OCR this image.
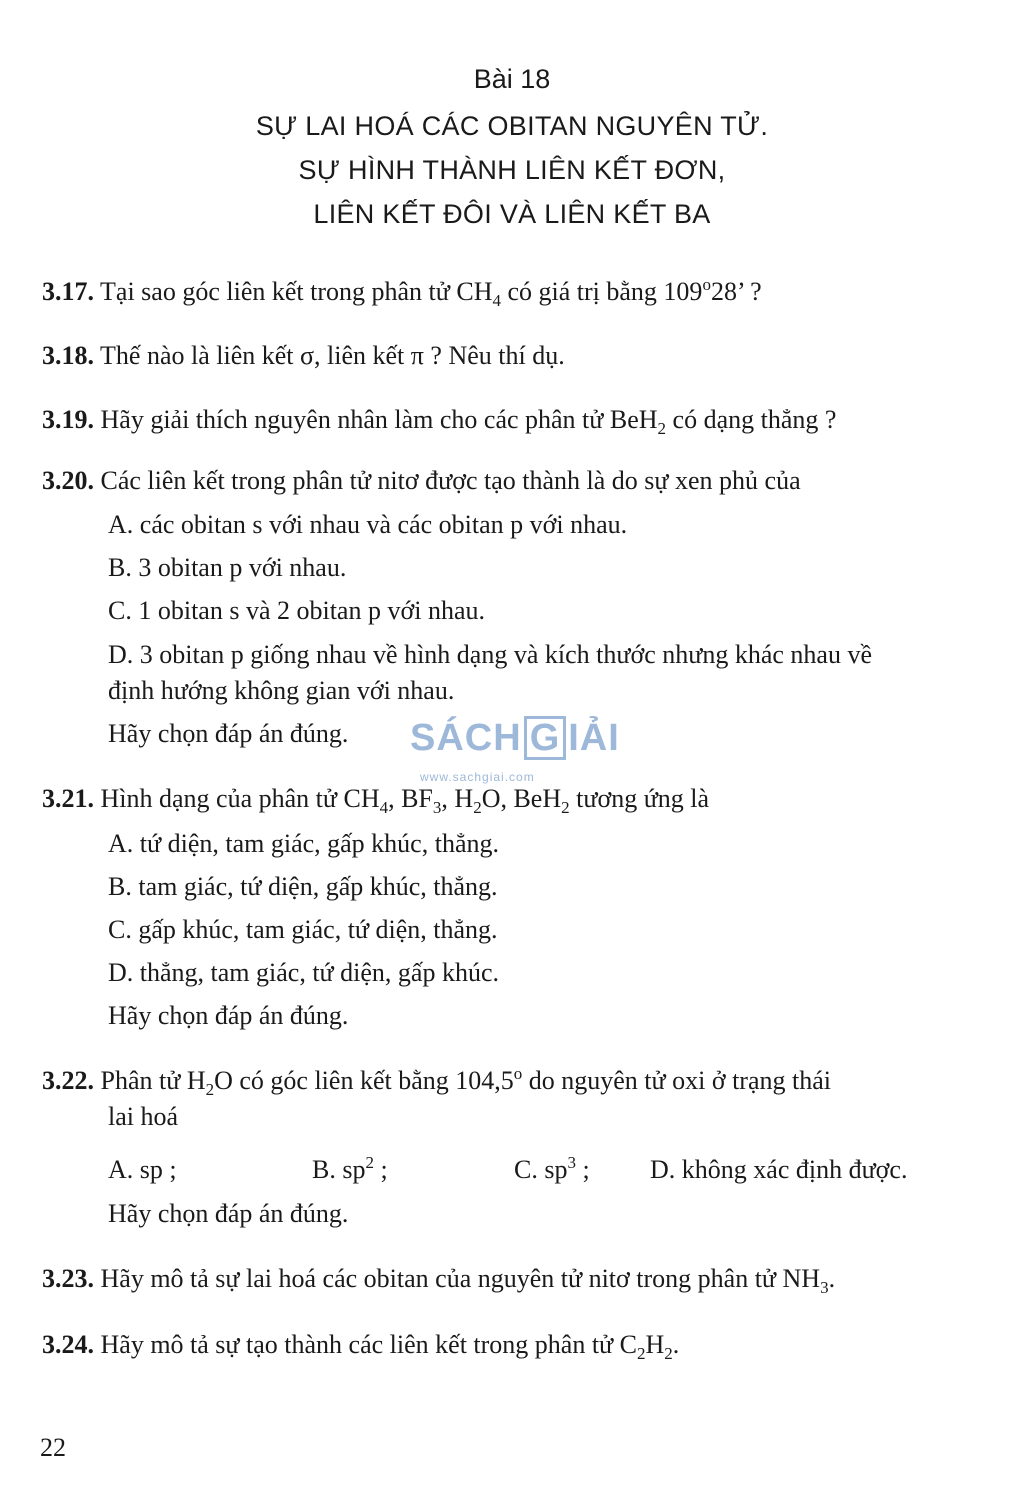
Bài 18
SỰ LAI HOÁ CÁC OBITAN NGUYÊN TỬ.
SỰ HÌNH THÀNH LIÊN KẾT ĐƠN,
LIÊN KẾT ĐÔI VÀ LIÊN KẾT BA
3.17. Tại sao góc liên kết trong phân tử $CH_4$ có giá trị bằng 109$^o$28’ ?
3.18. Thế nào là liên kết σ, liên kết π ? Nêu thí dụ.
3.19. Hãy giải thích nguyên nhân làm cho các phân tử BeH$_2$ có dạng thẳng ?
3.20. Các liên kết trong phân tử nitơ được tạo thành là do sự xen phủ của
A. các obitan s với nhau và các obitan p với nhau.
B. 3 obitan p với nhau.
C. 1 obitan s và 2 obitan p với nhau.
D. 3 obitan p giống nhau về hình dạng và kích thước nhưng khác nhau về
định hướng không gian với nhau.
Hãy chọn đáp án đúng.
3.21. Hình dạng của phân tử $CH_4$, $BF_3$, $H_2O$, BeH$_2$ tương ứng là
A. tứ diện, tam giác, gấp khúc, thẳng.
B. tam giác, tứ diện, gấp khúc, thẳng.
C. gấp khúc, tam giác, tứ diện, thẳng.
D. thẳng, tam giác, tứ diện, gấp khúc.
Hãy chọn đáp án đúng.
3.22. Phân tử $H_2O$ có góc liên kết bằng 104,5$^o$ do nguyên tử oxi ở trạng thái
lai hoá
A. sp ;	B. $sp^2$ ;	C. $sp^3$ ; D. không xác định được.
Hãy chọn đáp án đúng.
3.23. Hãy mô tả sự lai hoá các obitan của nguyên tử nitơ trong phân tử $NH_3$.
3.24. Hãy mô tả sự tạo thành các liên kết trong phân tử $C_2H_2$.
SÁCH G IẢI
www.sachgiai.com
22
